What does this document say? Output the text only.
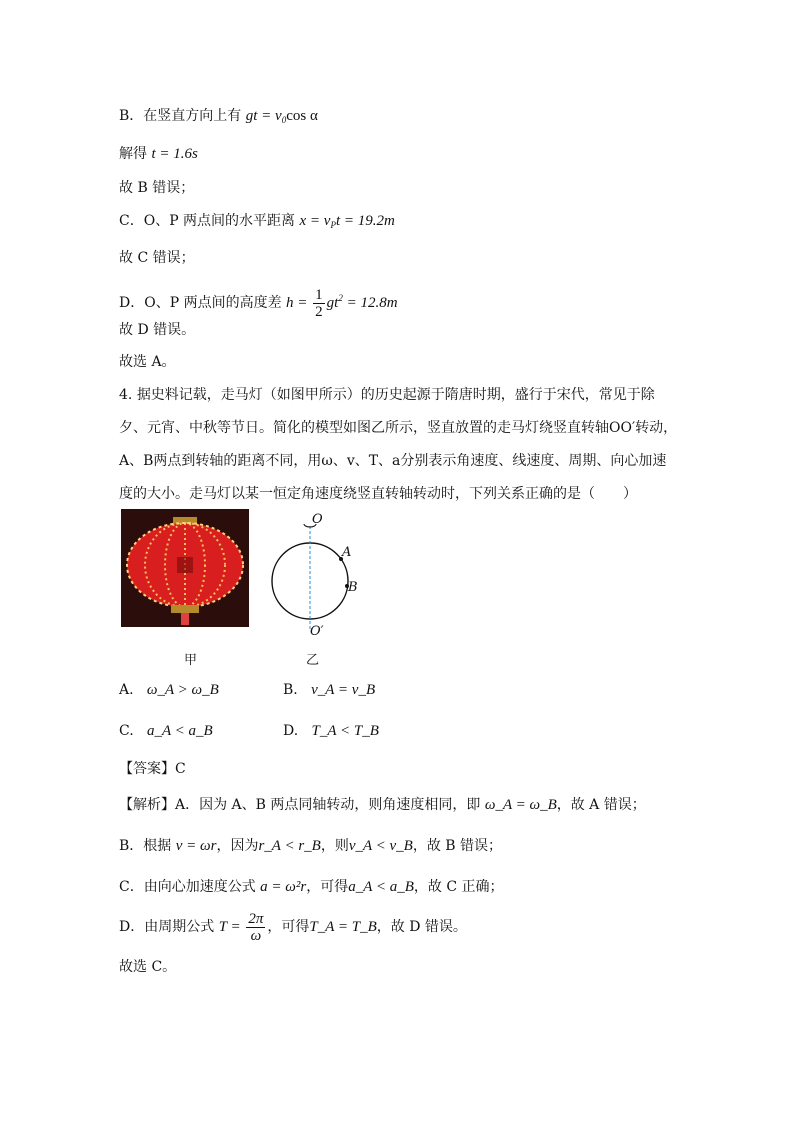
B．在竖直方向上有 gt = $v_0\cos$ α
解得 t = 1.6s
故 B 错误；
C．O、P 两点间的水平距离 $x = v_Pt = 19.2m$
故 C 错误；
D．O、P 两点间的高度差 $h = \frac{1}{2} gt^2 = 12.8m$
故 D 错误。
故选 A。
4. 据史料记载，走马灯（如图甲所示）的历史起源于隋唐时期，盛行于宋代，常见于除夕、元宵、中秋等节日。简化的模型如图乙所示，竖直放置的走马灯绕竖直转轴OO′转动，A、B两点到转轴的距离不同，用ω、v、T、a分别表示角速度、线速度、周期、向心加速度的大小。走马灯以某一恒定角速度绕竖直转轴转动时，下列关系正确的是（　　）
甲
O
A
B
O′
乙
A. ω_A > ω_B	B. v_A = v_B
C. a_A < a_B	D. T_A < T_B
【答案】C
【解析】A．因为 A、B 两点同轴转动，则角速度相同，即 ω_A = ω_B，故 A 错误；
B．根据 v = ωr，因为r_A < r_B，则v_A < v_B，故 B 错误；
C．由向心加速度公式 a = ω²r，可得a_A < a_B，故 C 正确；
D．由周期公式 $T = \frac{2\pi}{\omega}$ ，可得T_A = T_B，故 D 错误。
故选 C。
